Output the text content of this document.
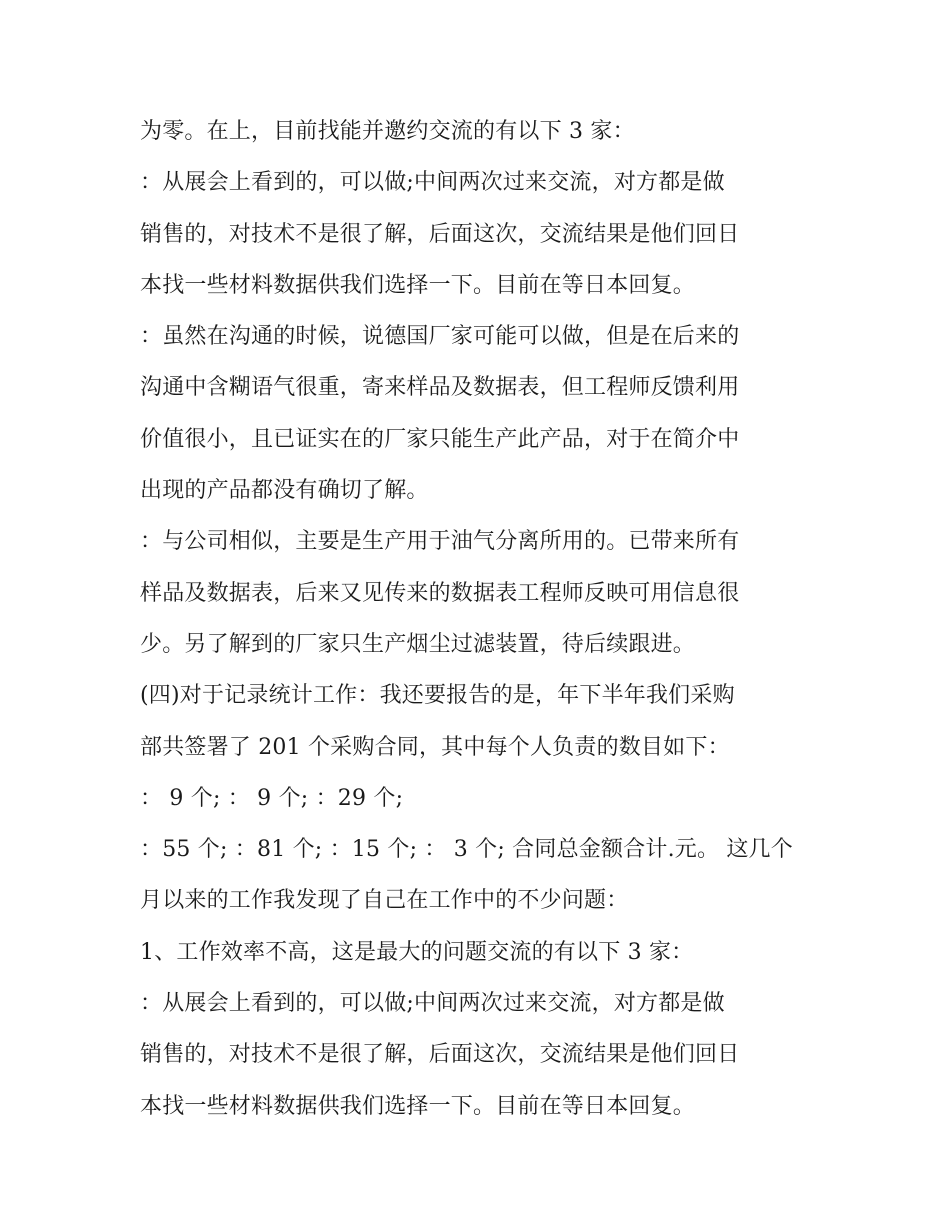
为零。在上，目前找能并邀约交流的有以下 3 家：
：从展会上看到的，可以做;中间两次过来交流，对方都是做
销售的，对技术不是很了解，后面这次，交流结果是他们回日
本找一些材料数据供我们选择一下。目前在等日本回复。
：虽然在沟通的时候，说德国厂家可能可以做，但是在后来的
沟通中含糊语气很重，寄来样品及数据表，但工程师反馈利用
价值很小，且已证实在的厂家只能生产此产品，对于在简介中
出现的产品都没有确切了解。
：与公司相似，主要是生产用于油气分离所用的。已带来所有
样品及数据表，后来又见传来的数据表工程师反映可用信息很
少。另了解到的厂家只生产烟尘过滤装置，待后续跟进。
(四)对于记录统计工作：我还要报告的是，年下半年我们采购
部共签署了 201 个采购合同，其中每个人负责的数目如下：
： 9 个; ： 9 个; ：29 个;
：55 个; ：81 个; ：15 个; ： 3 个; 合同总金额合计.元。 这几个
月以来的工作我发现了自己在工作中的不少问题：
1、工作效率不高，这是最大的问题交流的有以下 3 家：
：从展会上看到的，可以做;中间两次过来交流，对方都是做
销售的，对技术不是很了解，后面这次，交流结果是他们回日
本找一些材料数据供我们选择一下。目前在等日本回复。
